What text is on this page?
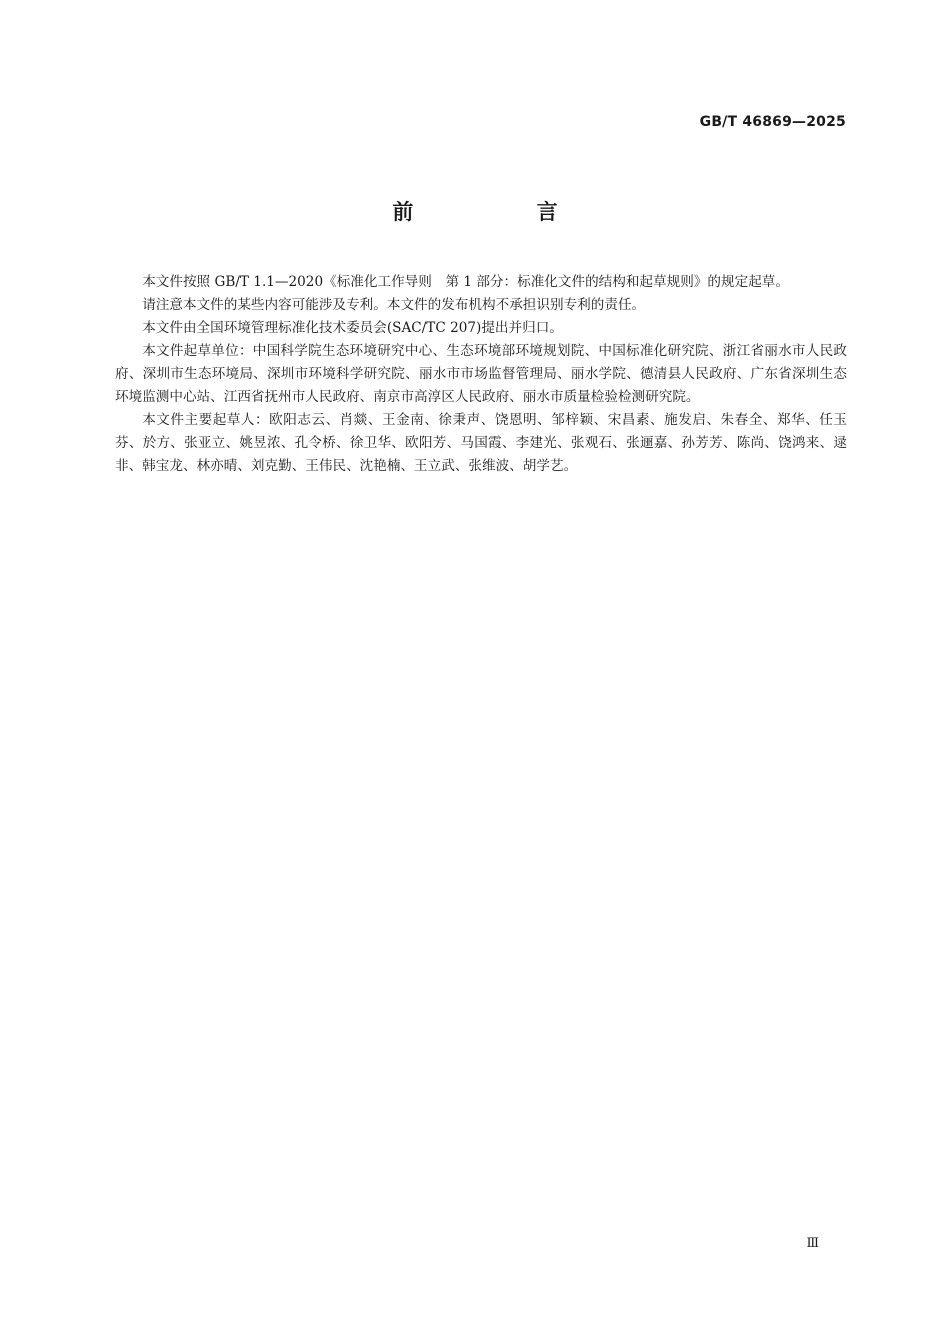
GB/T 46869—2025
前 言

本文件按照 GB/T 1.1—2020《标准化工作导则　第 1 部分：标准化文件的结构和起草规则》的规定起草。

请注意本文件的某些内容可能涉及专利。本文件的发布机构不承担识别专利的责任。

本文件由全国环境管理标准化技术委员会(SAC/TC 207)提出并归口。

本文件起草单位：中国科学院生态环境研究中心、生态环境部环境规划院、中国标准化研究院、浙江省丽水市人民政府、深圳市生态环境局、深圳市环境科学研究院、丽水市市场监督管理局、丽水学院、德清县人民政府、广东省深圳生态环境监测中心站、江西省抚州市人民政府、南京市高淳区人民政府、丽水市质量检验检测研究院。

本文件主要起草人：欧阳志云、肖燚、王金南、徐秉声、饶恩明、邹梓颖、宋昌素、施发启、朱春全、郑华、任玉芬、於方、张亚立、姚昱浓、孔令桥、徐卫华、欧阳芳、马国霞、李建光、张观石、张逦嘉、孙芳芳、陈尚、饶鸿来、逯非、韩宝龙、林亦晴、刘克勤、王伟民、沈艳楠、王立武、张维波、胡学艺。

Ⅲ
